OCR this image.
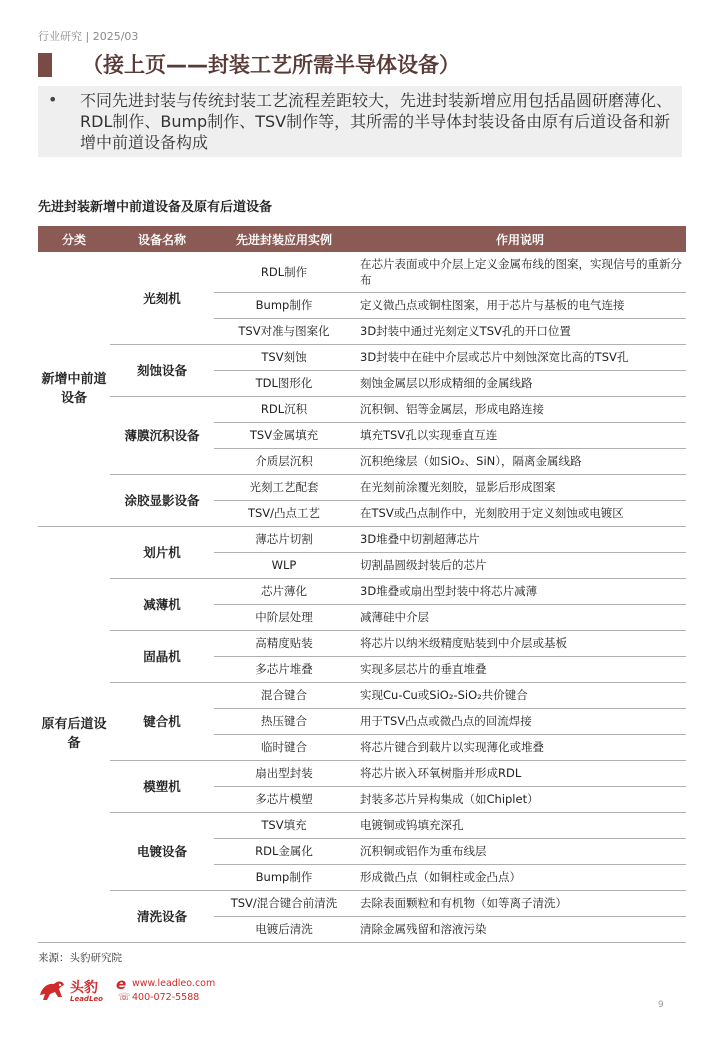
行业研究 | 2025/03
（接上页——封装工艺所需半导体设备）
• 不同先进封装与传统封装工艺流程差距较大，先进封装新增应用包括晶圆研磨薄化、RDL制作、Bump制作、TSV制作等，其所需的半导体封装设备由原有后道设备和新增中前道设备构成
先进封装新增中前道设备及原有后道设备
分类	设备名称	先进封装应用实例	作用说明
新增中前道设备	光刻机	RDL制作	在芯片表面或中介层上定义金属布线的图案，实现信号的重新分布
		Bump制作	定义微凸点或铜柱图案，用于芯片与基板的电气连接
		TSV对准与图案化	3D封装中通过光刻定义TSV孔的开口位置
	刻蚀设备	TSV刻蚀	3D封装中在硅中介层或芯片中刻蚀深宽比高的TSV孔
		TDL图形化	刻蚀金属层以形成精细的金属线路
	薄膜沉积设备	RDL沉积	沉积铜、铝等金属层，形成电路连接
		TSV金属填充	填充TSV孔以实现垂直互连
		介质层沉积	沉积绝缘层（如SiO₂、SiN），隔离金属线路
	涂胶显影设备	光刻工艺配套	在光刻前涂覆光刻胶，显影后形成图案
		TSV/凸点工艺	在TSV或凸点制作中，光刻胶用于定义刻蚀或电镀区
原有后道设备	划片机	薄芯片切割	3D堆叠中切割超薄芯片
		WLP	切割晶圆级封装后的芯片
	减薄机	芯片薄化	3D堆叠或扇出型封装中将芯片减薄
		中阶层处理	减薄硅中介层
	固晶机	高精度贴装	将芯片以纳米级精度贴装到中介层或基板
		多芯片堆叠	实现多层芯片的垂直堆叠
	键合机	混合键合	实现Cu-Cu或SiO₂-SiO₂共价键合
		热压键合	用于TSV凸点或微凸点的回流焊接
		临时键合	将芯片键合到载片以实现薄化或堆叠
	模塑机	扇出型封装	将芯片嵌入环氧树脂并形成RDL
		多芯片模塑	封装多芯片异构集成（如Chiplet）
	电镀设备	TSV填充	电镀铜或钨填充深孔
		RDL金属化	沉积铜或铝作为重布线层
		Bump制作	形成微凸点（如铜柱或金凸点）
	清洗设备	TSV/混合键合前清洗	去除表面颗粒和有机物（如等离子清洗）
		电镀后清洗	清除金属残留和溶液污染
来源：头豹研究院
头豹
LeadLeo
e www.leadleo.com
☏ 400-072-5588
9
